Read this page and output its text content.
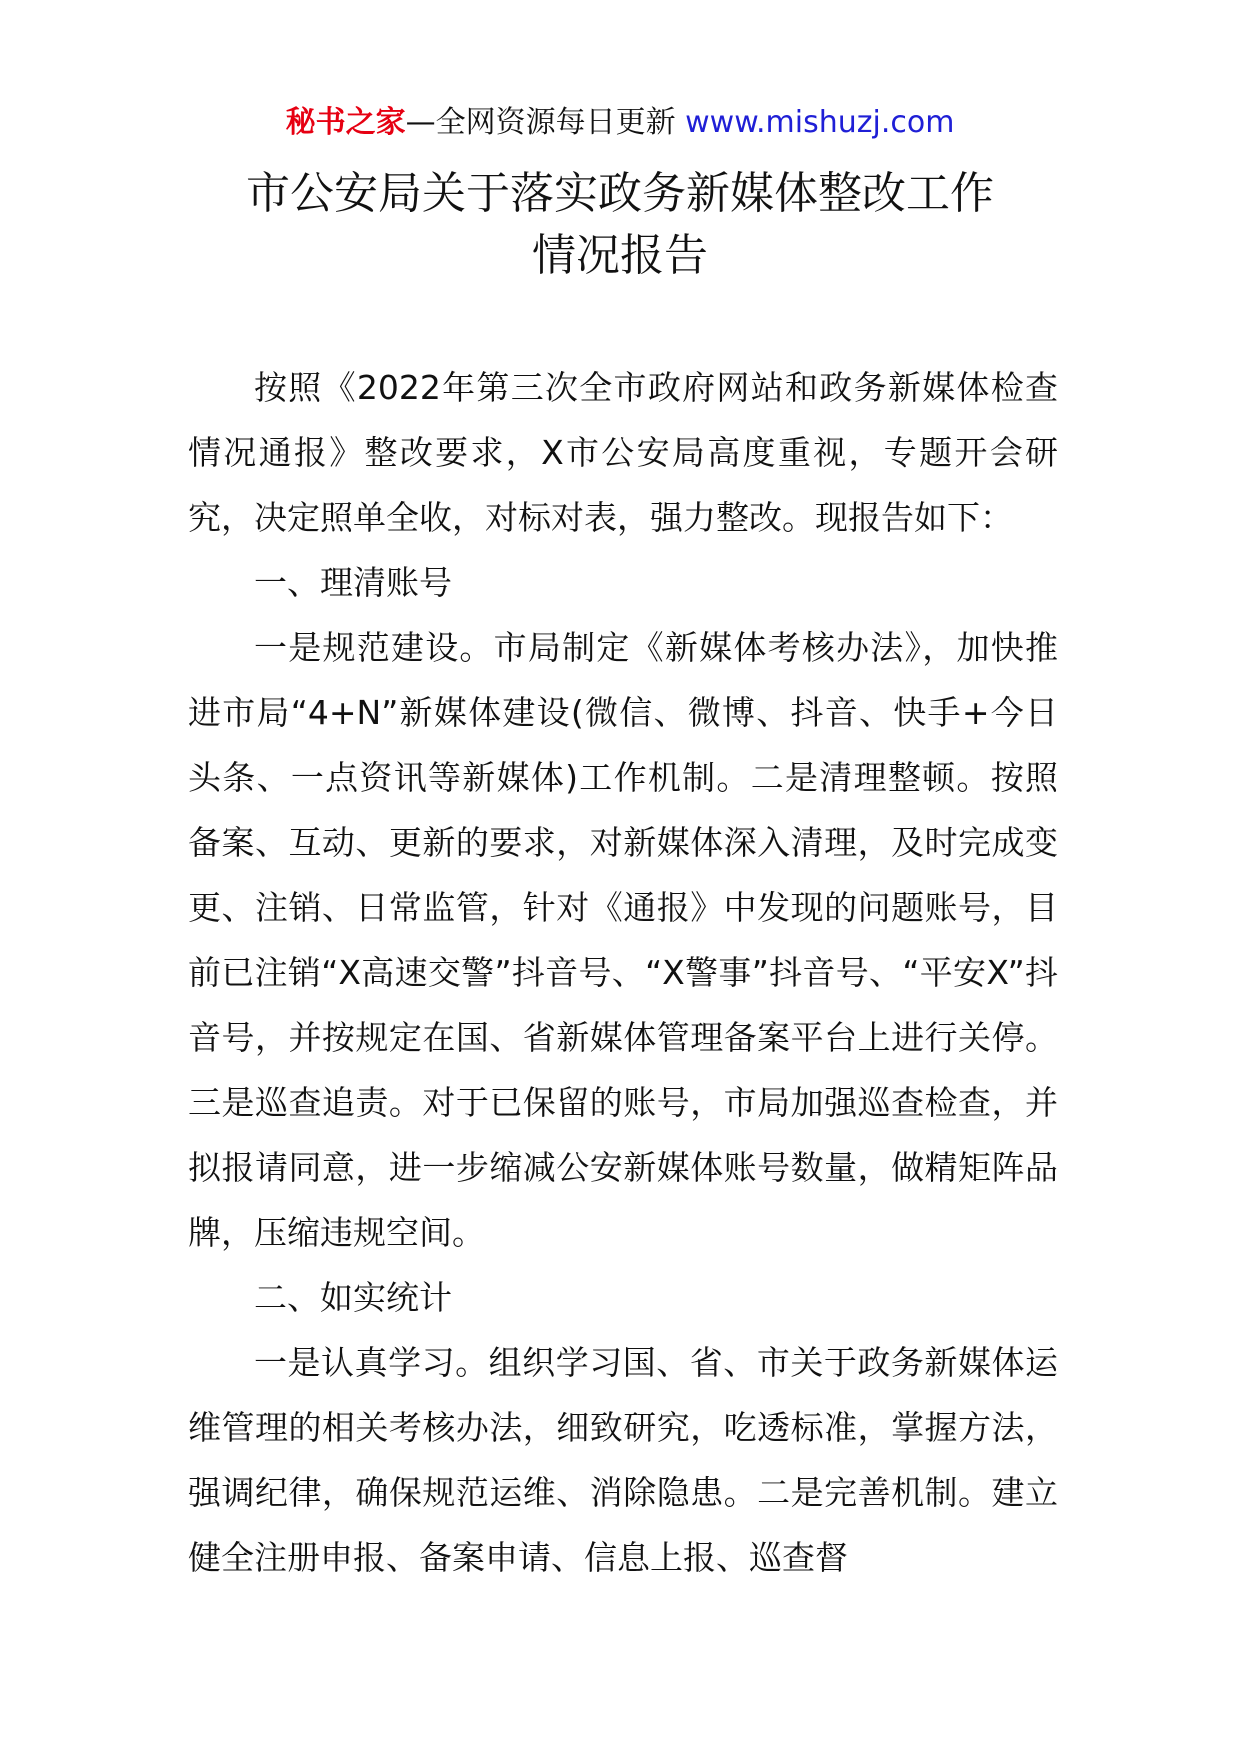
秘书之家—全网资源每日更新 www.mishuzj.com
市公安局关于落实政务新媒体整改工作
情况报告

按照《2022年第三次全市政府网站和政务新媒体检查情况通报》整改要求，X市公安局高度重视，专题开会研究，决定照单全收，对标对表，强力整改。现报告如下：

一、理清账号

一是规范建设。市局制定《新媒体考核办法》，加快推进市局“4+N”新媒体建设(微信、微博、抖音、快手+今日头条、一点资讯等新媒体)工作机制。二是清理整顿。按照备案、互动、更新的要求，对新媒体深入清理，及时完成变更、注销、日常监管，针对《通报》中发现的问题账号，目前已注销“X高速交警”抖音号、“X警事”抖音号、“平安X”抖音号，并按规定在国、省新媒体管理备案平台上进行关停。三是巡查追责。对于已保留的账号，市局加强巡查检查，并拟报请同意，进一步缩减公安新媒体账号数量，做精矩阵品牌，压缩违规空间。

二、如实统计

一是认真学习。组织学习国、省、市关于政务新媒体运维管理的相关考核办法，细致研究，吃透标准，掌握方法，强调纪律，确保规范运维、消除隐患。二是完善机制。建立健全注册申报、备案申请、信息上报、巡查督
